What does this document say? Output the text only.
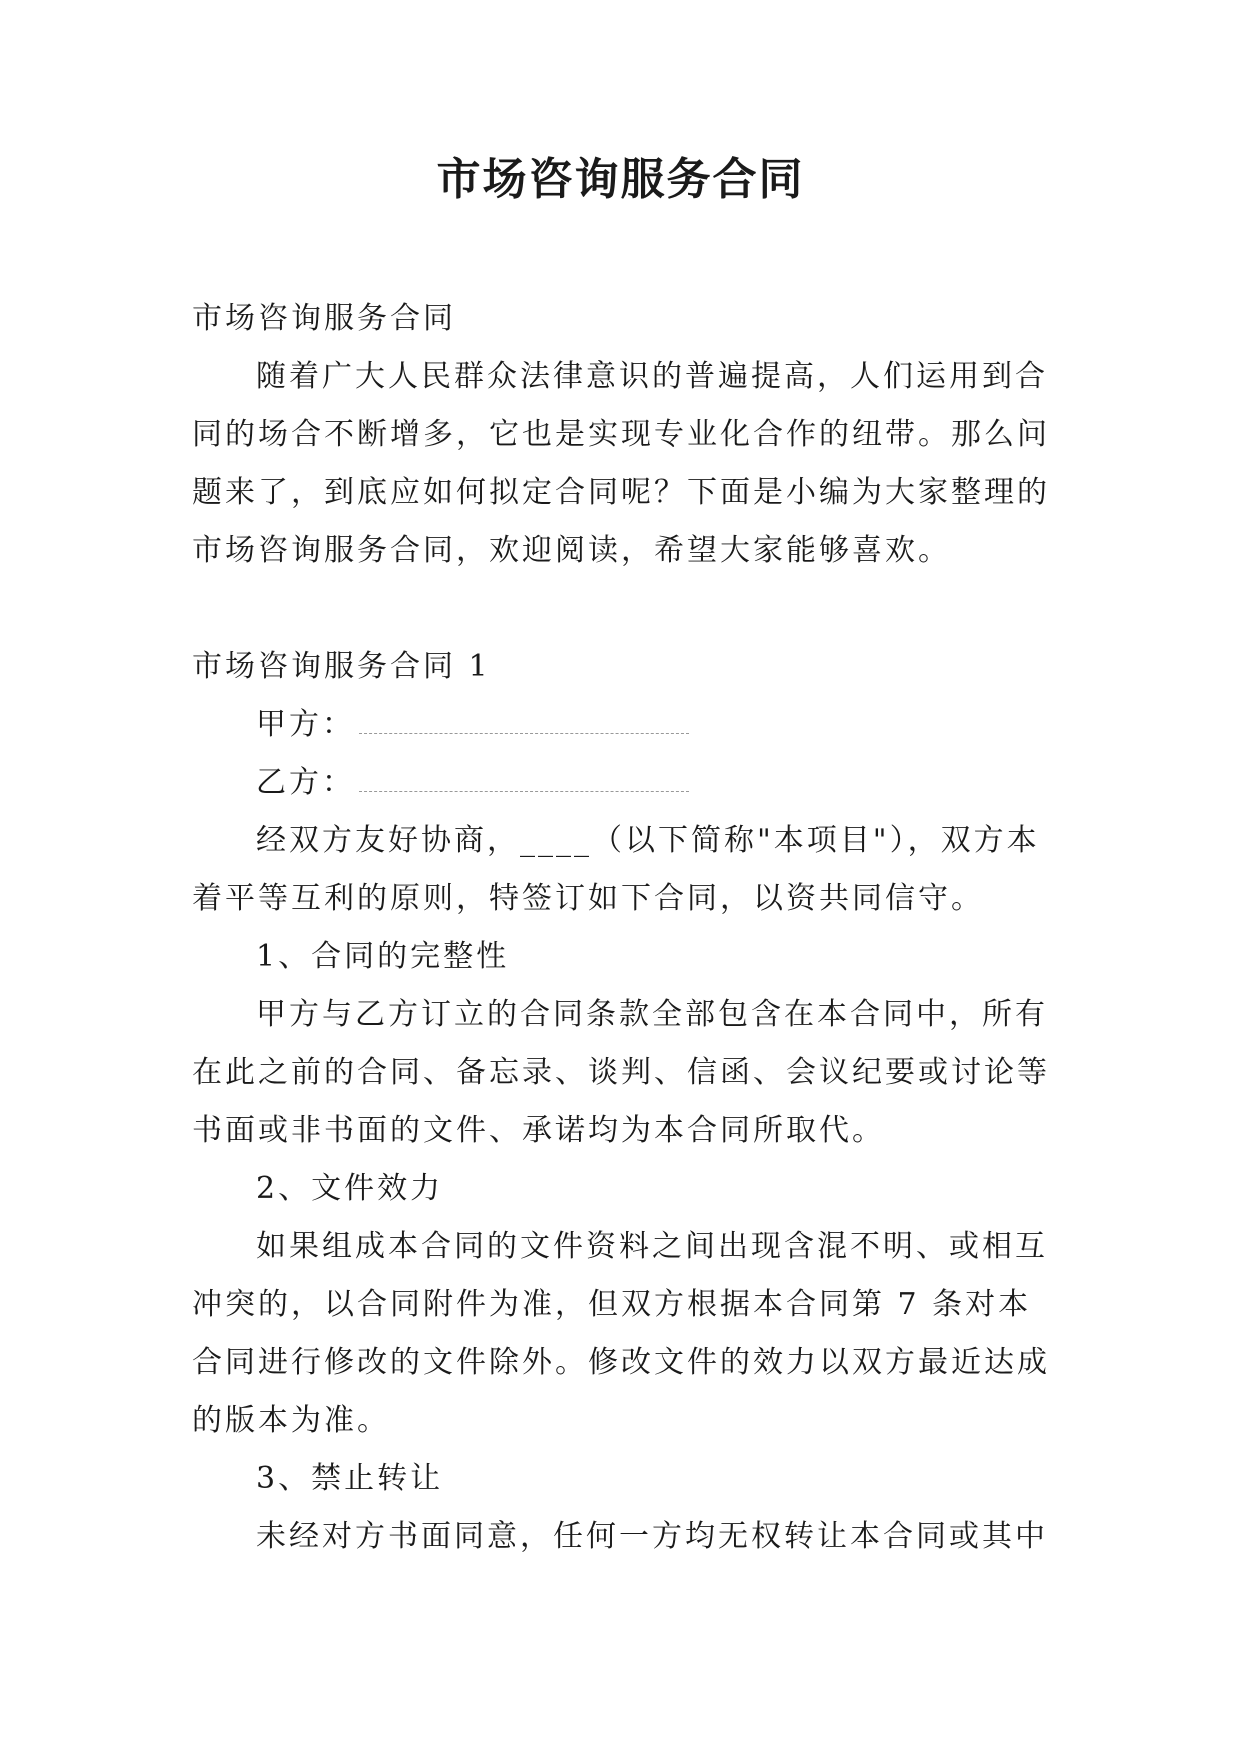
市场咨询服务合同

市场咨询服务合同

随着广大人民群众法律意识的普遍提高，人们运用到合同的场合不断增多，它也是实现专业化合作的纽带。那么问题来了，到底应如何拟定合同呢？下面是小编为大家整理的市场咨询服务合同，欢迎阅读，希望大家能够喜欢。

市场咨询服务合同 1

甲方：

乙方：

经双方友好协商，____（以下简称"本项目"），双方本着平等互利的原则，特签订如下合同，以资共同信守。

1、合同的完整性

甲方与乙方订立的合同条款全部包含在本合同中，所有在此之前的合同、备忘录、谈判、信函、会议纪要或讨论等书面或非书面的文件、承诺均为本合同所取代。

2、文件效力

如果组成本合同的文件资料之间出现含混不明、或相互冲突的，以合同附件为准，但双方根据本合同第 7 条对本合同进行修改的文件除外。修改文件的效力以双方最近达成的版本为准。

3、禁止转让

未经对方书面同意，任何一方均无权转让本合同或其中
